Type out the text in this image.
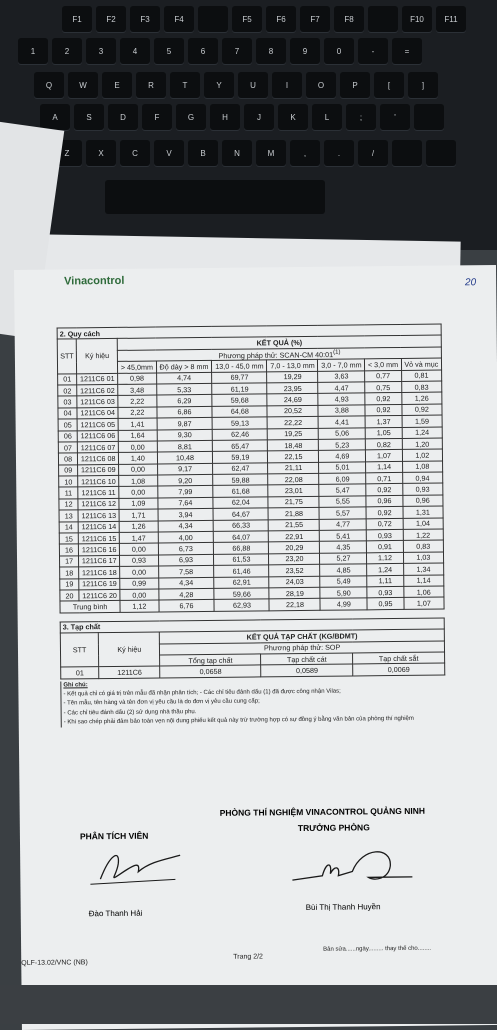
F1	F2	F3	F4	F5	F6	F7	F8	F10	F11
1	2	3	4	5	6	7	8	9	0	-	=
Q	W	E	R	T	Y	U	I	O	P	[	]
A	S	D	F	G	H	J	K	L	;	'
Z	X	C	V	B	N	M	,	.	/
Vinacontrol	20
2. Quy cách								
STT	Ký hiệu	KẾT QUẢ (%)						
		Phương pháp thử: SCAN-CM 40:01$^{(1)}$
		> 45,0mm	Độ dày > 8 mm	13,0 - 45,0 mm	7,0 - 13,0 mm	3,0 - 7,0 mm	< 3,0 mm	Vỏ và mục
01	1211C6 01	0,98	4,74	69,77	19,29	3,63	0,77	0,81
02	1211C6 02	3,48	5,33	61,19	23,95	4,47	0,75	0,83
03	1211C6 03	2,22	6,29	59,68	24,69	4,93	0,92	1,26
04	1211C6 04	2,22	6,86	64,68	20,52	3,88	0,92	0,92
05	1211C6 05	1,41	9,87	59,13	22,22	4,41	1,37	1,59
06	1211C6 06	1,64	9,30	62,46	19,25	5,06	1,05	1,24
07	1211C6 07	0,00	8,81	65,47	18,48	5,23	0,82	1,20
08	1211C6 08	1,40	10,48	59,19	22,15	4,69	1,07	1,02
09	1211C6 09	0,00	9,17	62,47	21,11	5,01	1,14	1,08
10	1211C6 10	1,08	9,20	59,88	22,08	6,09	0,71	0,94
11	1211C6 11	0,00	7,99	61,68	23,01	5,47	0,92	0,93
12	1211C6 12	1,09	7,64	62,04	21,75	5,55	0,96	0,96
13	1211C6 13	1,71	3,94	64,67	21,88	5,57	0,92	1,31
14	1211C6 14	1,26	4,34	66,33	21,55	4,77	0,72	1,04
15	1211C6 15	1,47	4,00	64,07	22,91	5,41	0,93	1,22
16	1211C6 16	0,00	6,73	66,88	20,29	4,35	0,91	0,83
17	1211C6 17	0,93	6,93	61,53	23,20	5,27	1,12	1,03
18	1211C6 18	0,00	7,58	61,46	23,52	4,85	1,24	1,34
19	1211C6 19	0,99	4,34	62,91	24,03	5,49	1,11	1,14
20	1211C6 20	0,00	4,28	59,66	28,19	5,90	0,93	1,06
Trung bình		1,12	6,76	62,93	22,18	4,99	0,95	1,07
3. Tạp chất				
STT	Ký hiệu	KẾT QUẢ TẠP CHẤT (KG/BDMT)		
		Phương pháp thử: SOP		
		Tổng tạp chất	Tạp chất cát	Tạp chất sắt
01	1211C6	0,0658	0,0589	0,0069
Ghi chú:
- Kết quả chỉ có giá trị trên mẫu đã nhận phân tích; - Các chỉ tiêu đánh dấu (1) đã được công nhận Vilas;
- Tên mẫu, tên hàng và tên đơn vị yêu cầu là do đơn vị yêu cầu cung cấp;
- Các chỉ tiêu đánh dấu (2) sử dụng nhà thầu phụ.
- Khi sao chép phải đảm bảo toàn vẹn nội dung phiếu kết quả này trừ trường hợp có sự đồng ý bằng văn bản của phòng thí nghiệm
PHÒNG THÍ NGHIỆM VINACONTROL QUẢNG NINH
PHÂN TÍCH VIÊN
TRƯỞNG PHÒNG
Đào Thanh Hải
Bùi Thị Thanh Huyền
QLF-13.02/VNC (NB)
Trang 2/2
Bản sửa......ngày......... thay thế cho........
